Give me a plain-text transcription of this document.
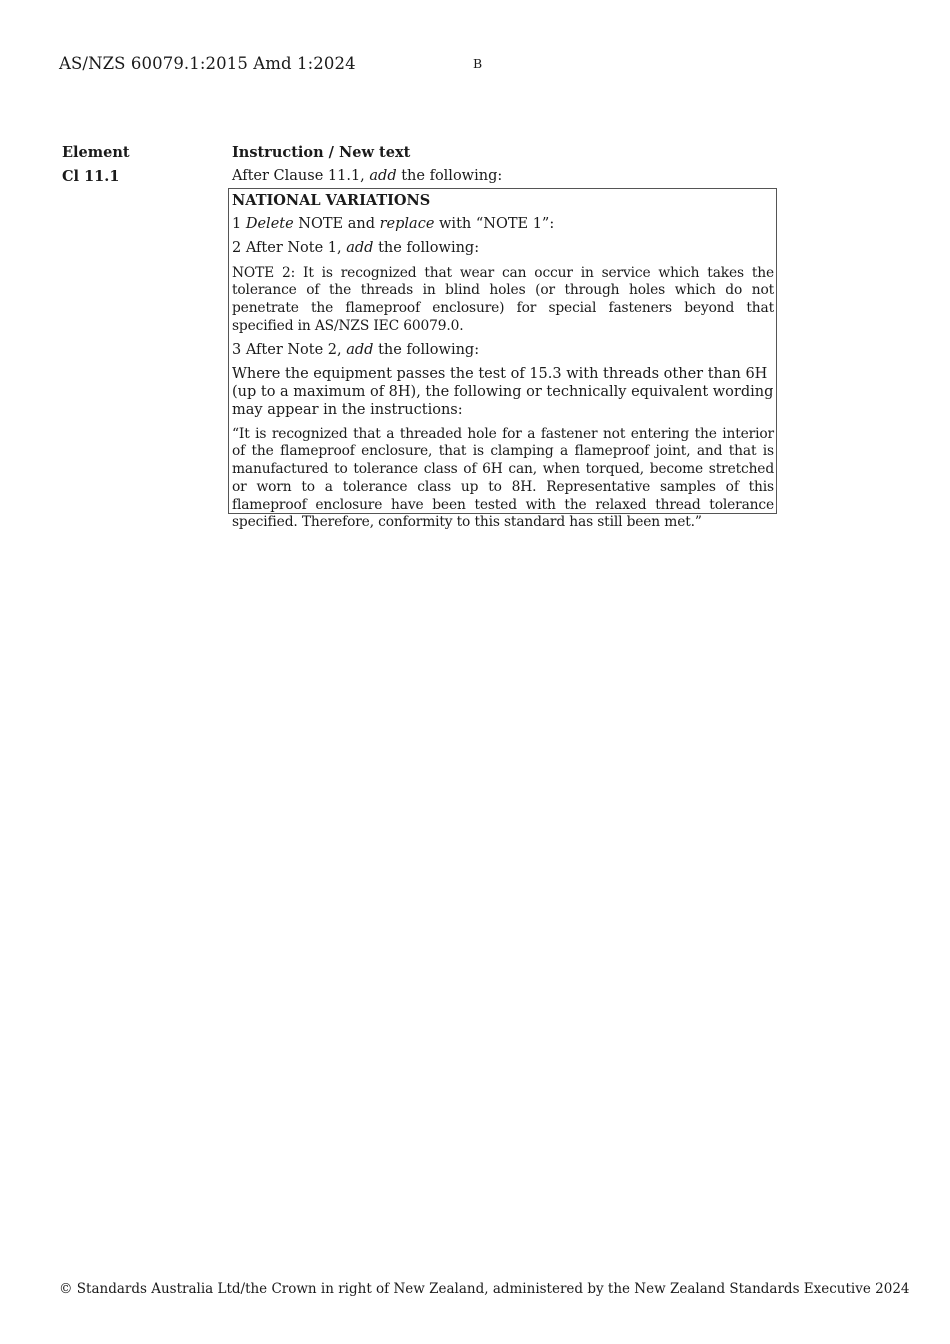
AS/NZS 60079.1:2015 Amd 1:2024	B
Element	Instruction / New text
Cl 11.1	After Clause 11.1, add the following:

NATIONAL VARIATIONS

1 Delete NOTE and replace with “NOTE 1”:

2 After Note 1, add the following:

NOTE 2: It is recognized that wear can occur in service which takes the tolerance of the threads in blind holes (or through holes which do not penetrate the flameproof enclosure) for special fasteners beyond that specified in AS/NZS IEC 60079.0.

3 After Note 2, add the following:

Where the equipment passes the test of 15.3 with threads other than 6H (up to a maximum of 8H), the following or technically equivalent wording may appear in the instructions:

“It is recognized that a threaded hole for a fastener not entering the interior of the flameproof enclosure, that is clamping a flameproof joint, and that is manufactured to tolerance class of 6H can, when torqued, become stretched or worn to a tolerance class up to 8H. Representative samples of this flameproof enclosure have been tested with the relaxed thread tolerance specified. Therefore, conformity to this standard has still been met.”

© Standards Australia Ltd/the Crown in right of New Zealand, administered by the New Zealand Standards Executive 2024
